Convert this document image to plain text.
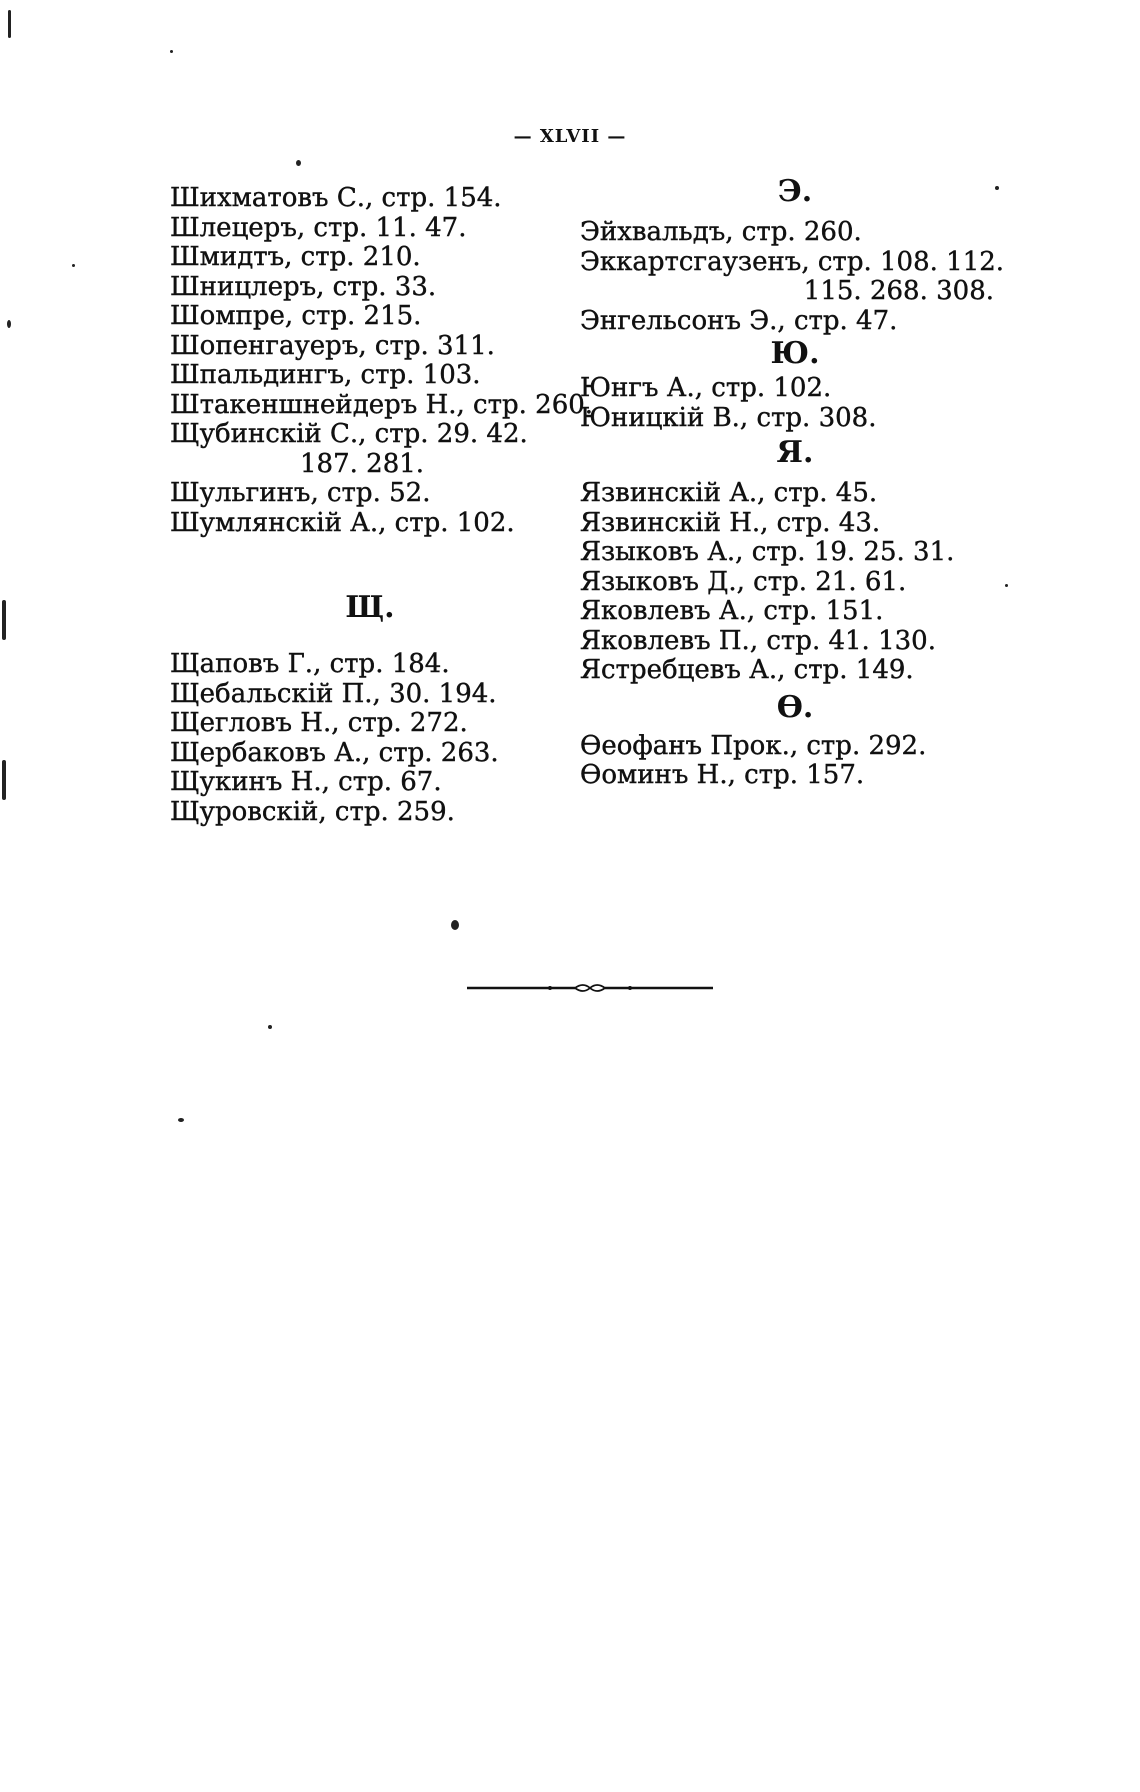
— XLVII —
Шихматовъ С., стр. 154.
Шлецеръ, стр. 11. 47.
Шмидтъ, стр. 210.
Шницлеръ, стр. 33.
Шомпре, стр. 215.
Шопенгауеръ, стр. 311.
Шпальдингъ, стр. 103.
Штакеншнейдеръ Н., стр. 260.
Щубинскій С., стр. 29. 42.
187. 281.
Шульгинъ, стр. 52.
Шумлянскій А., стр. 102.
Щ.
Щаповъ Г., стр. 184.
Щебальскій П., 30. 194.
Щегловъ Н., стр. 272.
Щербаковъ А., стр. 263.
Щукинъ Н., стр. 67.
Щуровскій, стр. 259.
Э.
Эйхвальдъ, стр. 260.
Эккартсгаузенъ, стр. 108. 112.
115. 268. 308.
Энгельсонъ Э., стр. 47.
Ю.
Юнгъ А., стр. 102.
Юницкій В., стр. 308.
Я.
Язвинскій А., стр. 45.
Язвинскій Н., стр. 43.
Языковъ А., стр. 19. 25. 31.
Языковъ Д., стр. 21. 61.
Яковлевъ А., стр. 151.
Яковлевъ П., стр. 41. 130.
Ястребцевъ А., стр. 149.
Ѳ.
Ѳеофанъ Прок., стр. 292.
Ѳоминъ Н., стр. 157.
